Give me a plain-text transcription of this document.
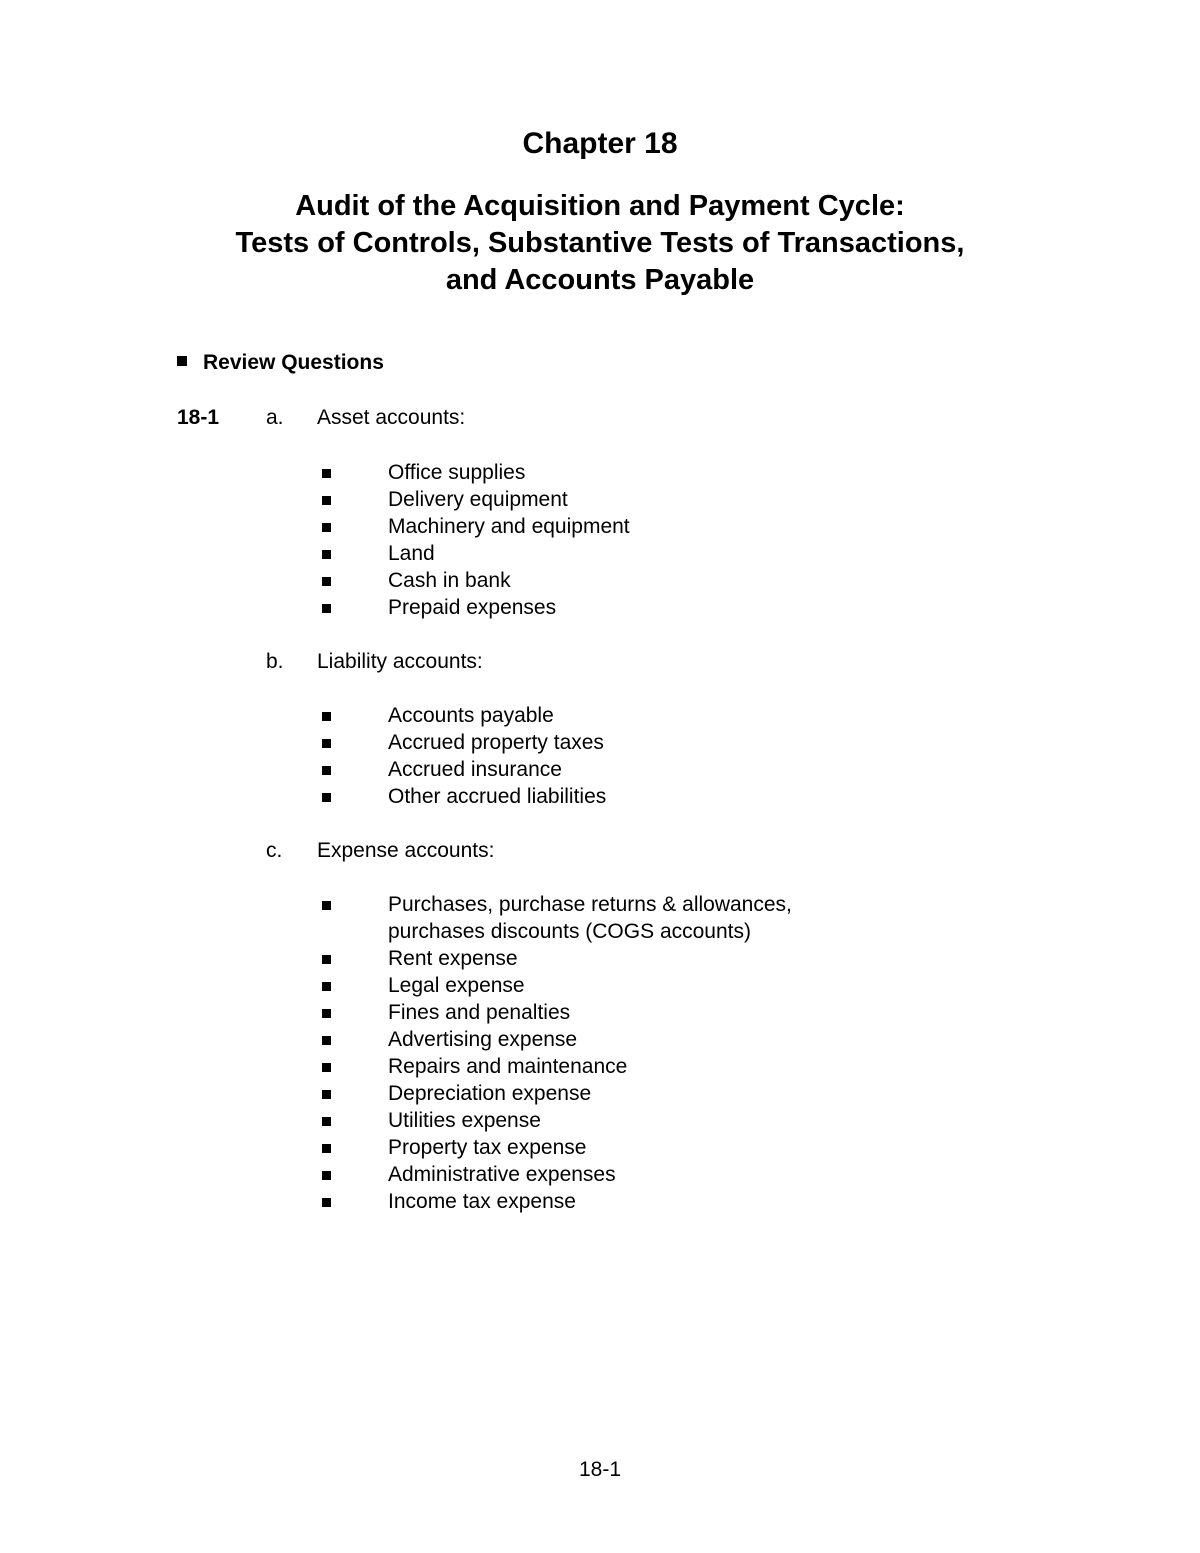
Chapter 18
Audit of the Acquisition and Payment Cycle:
Tests of Controls, Substantive Tests of Transactions,
and Accounts Payable
Review Questions
18-1 a. Asset accounts:
Office supplies
Delivery equipment
Machinery and equipment
Land
Cash in bank
Prepaid expenses
b. Liability accounts:
Accounts payable
Accrued property taxes
Accrued insurance
Other accrued liabilities
c. Expense accounts:
Purchases, purchase returns & allowances,
purchases discounts (COGS accounts)
Rent expense
Legal expense
Fines and penalties
Advertising expense
Repairs and maintenance
Depreciation expense
Utilities expense
Property tax expense
Administrative expenses
Income tax expense
18-1
